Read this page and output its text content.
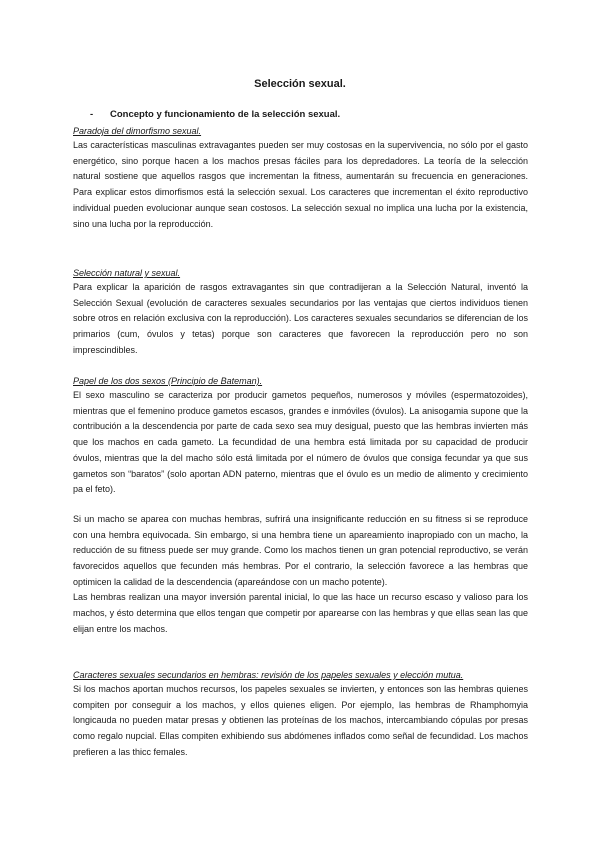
Selección sexual.
- Concepto y funcionamiento de la selección sexual.
Paradoja del dimorfismo sexual.

Las características masculinas extravagantes pueden ser muy costosas en la supervivencia, no sólo por el gasto energético, sino porque hacen a los machos presas fáciles para los depredadores. La teoría de la selección natural sostiene que aquellos rasgos que incrementan la fitness, aumentarán su frecuencia en generaciones. Para explicar estos dimorfismos está la selección sexual. Los caracteres que incrementan el éxito reproductivo individual pueden evolucionar aunque sean costosos. La selección sexual no implica una lucha por la existencia, sino una lucha por la reproducción.

Selección natural y sexual.

Para explicar la aparición de rasgos extravagantes sin que contradijeran a la Selección Natural, inventó la Selección Sexual (evolución de caracteres sexuales secundarios por las ventajas que ciertos individuos tienen sobre otros en relación exclusiva con la reproducción). Los caracteres sexuales secundarios se diferencian de los primarios (cum, óvulos y tetas) porque son caracteres que favorecen la reproducción pero no son imprescindibles.

Papel de los dos sexos (Principio de Bateman).

El sexo masculino se caracteriza por producir gametos pequeños, numerosos y móviles (espermatozoides), mientras que el femenino produce gametos escasos, grandes e inmóviles (óvulos). La anisogamia supone que la contribución a la descendencia por parte de cada sexo sea muy desigual, puesto que las hembras invierten más que los machos en cada gameto. La fecundidad de una hembra está limitada por su capacidad de producir óvulos, mientras que la del macho sólo está limitada por el número de óvulos que consiga fecundar ya que sus gametos son “baratos” (solo aportan ADN paterno, mientras que el óvulo es un medio de alimento y crecimiento pa el feto).

Si un macho se aparea con muchas hembras, sufrirá una insignificante reducción en su fitness si se reproduce con una hembra equivocada. Sin embargo, si una hembra tiene un apareamiento inapropiado con un macho, la reducción de su fitness puede ser muy grande. Como los machos tienen un gran potencial reproductivo, se verán favorecidos aquellos que fecunden más hembras. Por el contrario, la selección favorece a las hembras que optimicen la calidad de la descendencia (apareándose con un macho potente).

Las hembras realizan una mayor inversión parental inicial, lo que las hace un recurso escaso y valioso para los machos, y ésto determina que ellos tengan que competir por aparearse con las hembras y que ellas sean las que elijan entre los machos.

Caracteres sexuales secundarios en hembras: revisión de los papeles sexuales y elección mutua.

Si los machos aportan muchos recursos, los papeles sexuales se invierten, y entonces son las hembras quienes compiten por conseguir a los machos, y ellos quienes eligen. Por ejemplo, las hembras de Rhamphomyia longicauda no pueden matar presas y obtienen las proteínas de los machos, intercambiando cópulas por presas como regalo nupcial. Ellas compiten exhibiendo sus abdómenes inflados como señal de fecundidad. Los machos prefieren a las thicc females.
